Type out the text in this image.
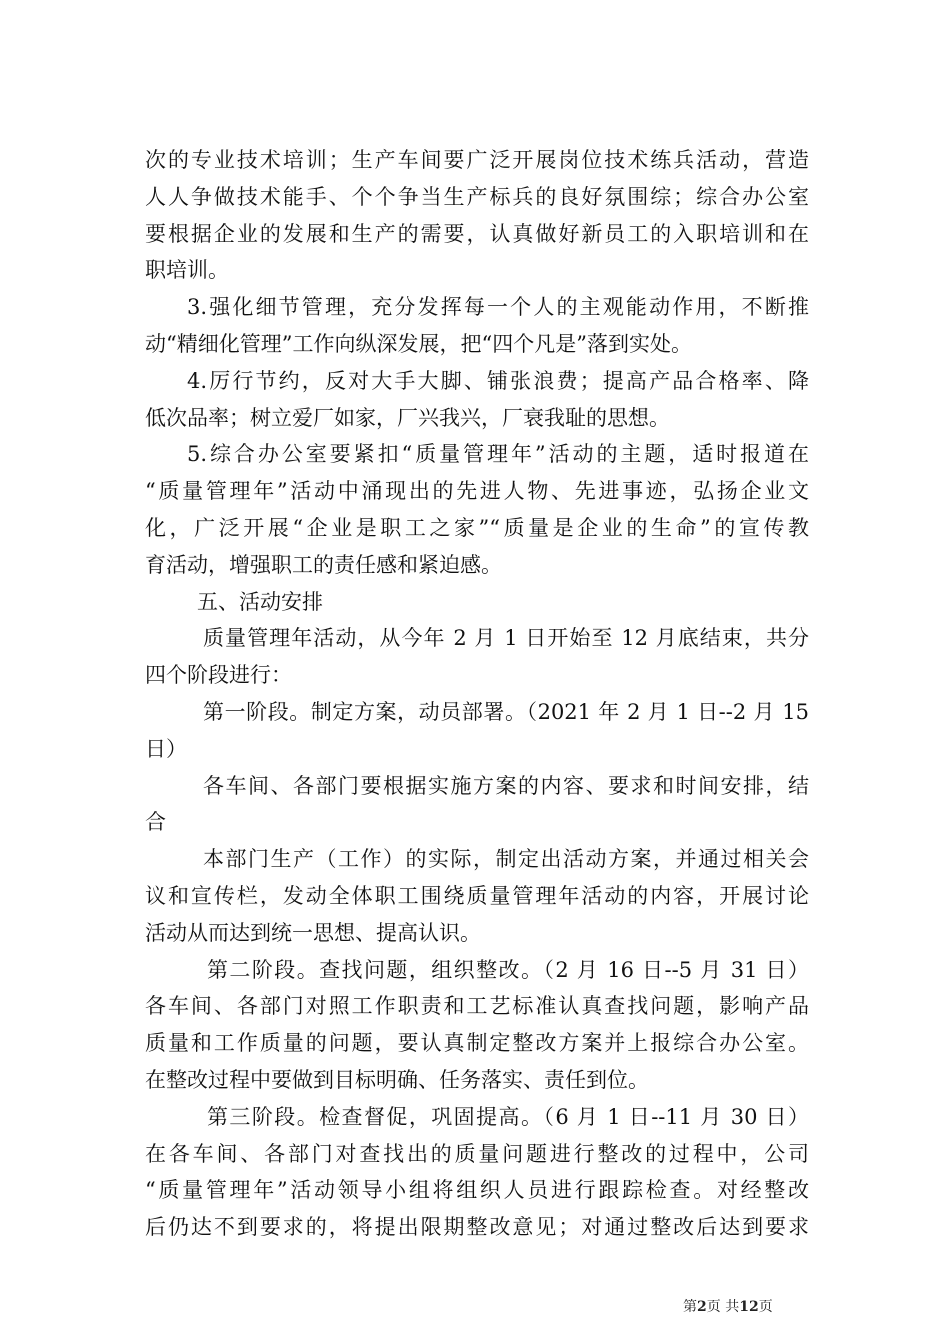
次的专业技术培训；生产车间要广泛开展岗位技术练兵活动，营造
人人争做技术能手、个个争当生产标兵的良好氛围综；综合办公室
要根据企业的发展和生产的需要，认真做好新员工的入职培训和在
职培训。
3.强化细节管理，充分发挥每一个人的主观能动作用，不断推
动“精细化管理”工作向纵深发展，把“四个凡是”落到实处。
4.厉行节约，反对大手大脚、铺张浪费；提高产品合格率、降
低次品率；树立爱厂如家，厂兴我兴，厂衰我耻的思想。
5.综合办公室要紧扣“质量管理年”活动的主题，适时报道在
“质量管理年”活动中涌现出的先进人物、先进事迹，弘扬企业文
化，广泛开展“企业是职工之家”“质量是企业的生命”的宣传教
育活动，增强职工的责任感和紧迫感。
五、活动安排
质量管理年活动，从今年 2 月 1 日开始至 12 月底结束，共分
四个阶段进行：
第一阶段。制定方案，动员部署。（2021 年 2 月 1 日--2 月 15
日）
各车间、各部门要根据实施方案的内容、要求和时间安排，结
合
本部门生产（工作）的实际，制定出活动方案，并通过相关会
议和宣传栏，发动全体职工围绕质量管理年活动的内容，开展讨论
活动从而达到统一思想、提高认识。
第二阶段。查找问题，组织整改。（2 月 16 日--5 月 31 日）
各车间、各部门对照工作职责和工艺标准认真查找问题，影响产品
质量和工作质量的问题，要认真制定整改方案并上报综合办公室。
在整改过程中要做到目标明确、任务落实、责任到位。
第三阶段。检查督促，巩固提高。（6 月 1 日--11 月 30 日）
在各车间、各部门对查找出的质量问题进行整改的过程中，公司
“质量管理年”活动领导小组将组织人员进行跟踪检查。对经整改
后仍达不到要求的，将提出限期整改意见；对通过整改后达到要求
第2页 共12页
